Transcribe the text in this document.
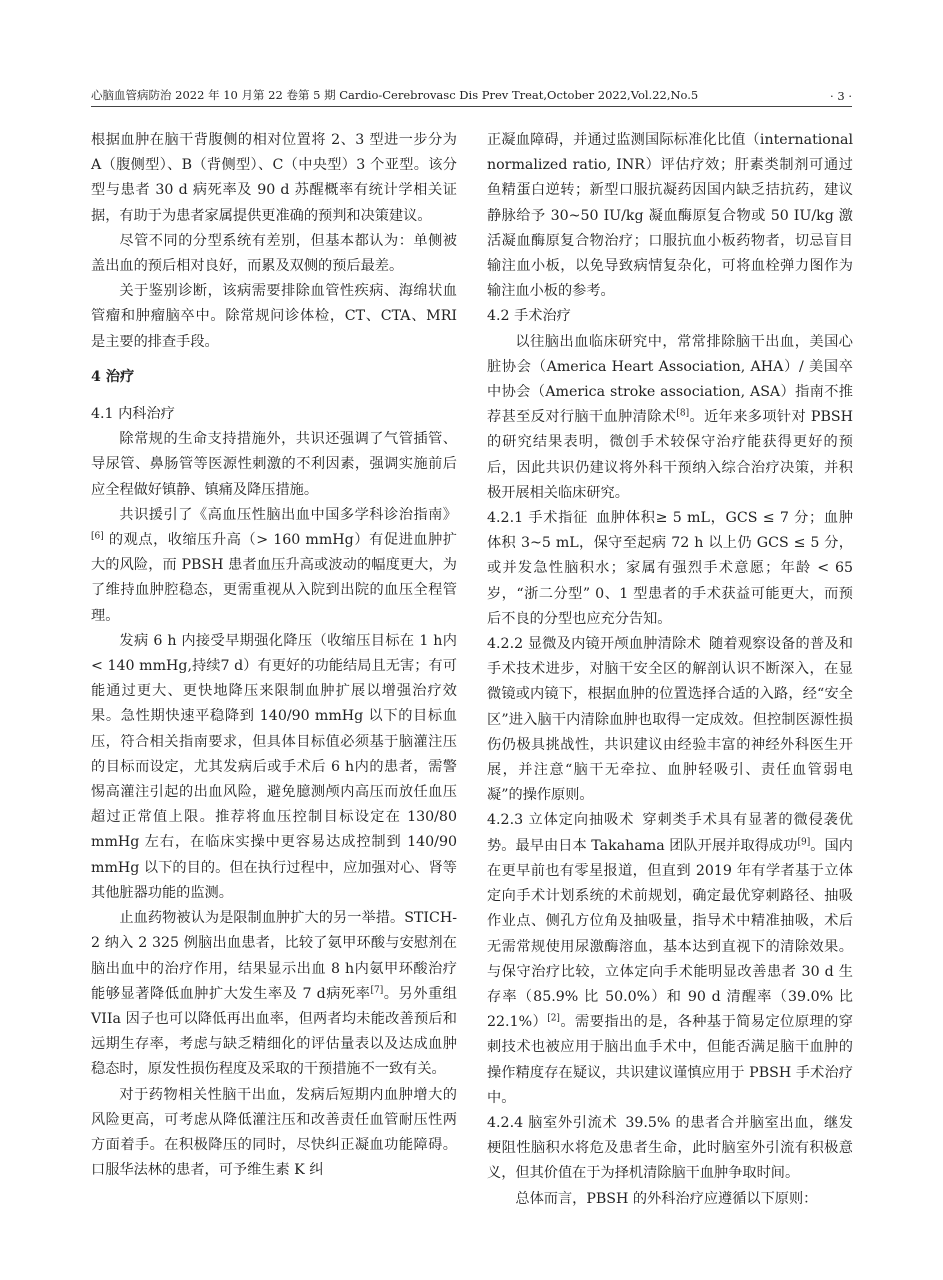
心脑血管病防治 2022 年 10 月第 22 卷第 5 期 Cardio-Cerebrovasc Dis Prev Treat,October 2022,Vol.22,No.5	· 3 ·

根据血肿在脑干背腹侧的相对位置将 2、3 型进一步分为 A（腹侧型）、B（背侧型）、C（中央型）3 个亚型。该分型与患者 30 d 病死率及 90 d 苏醒概率有统计学相关证据，有助于为患者家属提供更准确的预判和决策建议。

尽管不同的分型系统有差别，但基本都认为：单侧被盖出血的预后相对良好，而累及双侧的预后最差。

关于鉴别诊断，该病需要排除血管性疾病、海绵状血管瘤和肿瘤脑卒中。除常规问诊体检，CT、CTA、MRI 是主要的排查手段。

4 治疗

4.1 内科治疗

除常规的生命支持措施外，共识还强调了气管插管、导尿管、鼻肠管等医源性刺激的不利因素，强调实施前后应全程做好镇静、镇痛及降压措施。

共识援引了《高血压性脑出血中国多学科诊治指南》[6] 的观点，收缩压升高（> 160 mmHg）有促进血肿扩大的风险，而 PBSH 患者血压升高或波动的幅度更大，为了维持血肿腔稳态，更需重视从入院到出院的血压全程管理。

发病 6 h 内接受早期强化降压（收缩压目标在 1 h内< 140 mmHg,持续7 d）有更好的功能结局且无害；有可能通过更大、更快地降压来限制血肿扩展以增强治疗效果。急性期快速平稳降到 140/90 mmHg 以下的目标血压，符合相关指南要求，但具体目标值必须基于脑灌注压的目标而设定，尤其发病后或手术后 6 h内的患者，需警惕高灌注引起的出血风险，避免臆测颅内高压而放任血压超过正常值上限。推荐将血压控制目标设定在 130/80 mmHg 左右，在临床实操中更容易达成控制到 140/90 mmHg 以下的目的。但在执行过程中，应加强对心、肾等其他脏器功能的监测。

止血药物被认为是限制血肿扩大的另一举措。STICH-2 纳入 2 325 例脑出血患者，比较了氨甲环酸与安慰剂在脑出血中的治疗作用，结果显示出血 8 h内氨甲环酸治疗能够显著降低血肿扩大发生率及 7 d病死率[7]。另外重组 VIIa 因子也可以降低再出血率，但两者均未能改善预后和远期生存率，考虑与缺乏精细化的评估量表以及达成血肿稳态时，原发性损伤程度及采取的干预措施不一致有关。

对于药物相关性脑干出血，发病后短期内血肿增大的风险更高，可考虑从降低灌注压和改善责任血管耐压性两方面着手。在积极降压的同时，尽快纠正凝血功能障碍。口服华法林的患者，可予维生素 K 纠

正凝血障碍，并通过监测国际标准化比值（international normalized ratio, INR）评估疗效；肝素类制剂可通过鱼精蛋白逆转；新型口服抗凝药因国内缺乏拮抗药，建议静脉给予 30~50 IU/kg 凝血酶原复合物或 50 IU/kg 激活凝血酶原复合物治疗；口服抗血小板药物者，切忌盲目输注血小板，以免导致病情复杂化，可将血栓弹力图作为输注血小板的参考。

4.2 手术治疗

以往脑出血临床研究中，常常排除脑干出血，美国心脏协会（America Heart Association, AHA）/ 美国卒中协会（America stroke association, ASA）指南不推荐甚至反对行脑干血肿清除术[8]。近年来多项针对 PBSH 的研究结果表明，微创手术较保守治疗能获得更好的预后，因此共识仍建议将外科干预纳入综合治疗决策，并积极开展相关临床研究。

4.2.1 手术指征 血肿体积≥ 5 mL，GCS ≤ 7 分；血肿体积 3~5 mL，保守至起病 72 h 以上仍 GCS ≤ 5 分，或并发急性脑积水；家属有强烈手术意愿；年龄 < 65 岁，“浙二分型” 0、1 型患者的手术获益可能更大，而预后不良的分型也应充分告知。

4.2.2 显微及内镜开颅血肿清除术 随着观察设备的普及和手术技术进步，对脑干安全区的解剖认识不断深入，在显微镜或内镜下，根据血肿的位置选择合适的入路，经“安全区”进入脑干内清除血肿也取得一定成效。但控制医源性损伤仍极具挑战性，共识建议由经验丰富的神经外科医生开展，并注意“脑干无牵拉、血肿轻吸引、责任血管弱电凝”的操作原则。

4.2.3 立体定向抽吸术 穿刺类手术具有显著的微侵袭优势。最早由日本 Takahama 团队开展并取得成功[9]。国内在更早前也有零星报道，但直到 2019 年有学者基于立体定向手术计划系统的术前规划，确定最优穿刺路径、抽吸作业点、侧孔方位角及抽吸量，指导术中精准抽吸，术后无需常规使用尿激酶溶血，基本达到直视下的清除效果。与保守治疗比较，立体定向手术能明显改善患者 30 d 生存率（85.9% 比 50.0%）和 90 d 清醒率（39.0% 比 22.1%）[2]。需要指出的是，各种基于简易定位原理的穿刺技术也被应用于脑出血手术中，但能否满足脑干血肿的操作精度存在疑议，共识建议谨慎应用于 PBSH 手术治疗中。

4.2.4 脑室外引流术 39.5% 的患者合并脑室出血，继发梗阻性脑积水将危及患者生命，此时脑室外引流有积极意义，但其价值在于为择机清除脑干血肿争取时间。

总体而言，PBSH 的外科治疗应遵循以下原则：
